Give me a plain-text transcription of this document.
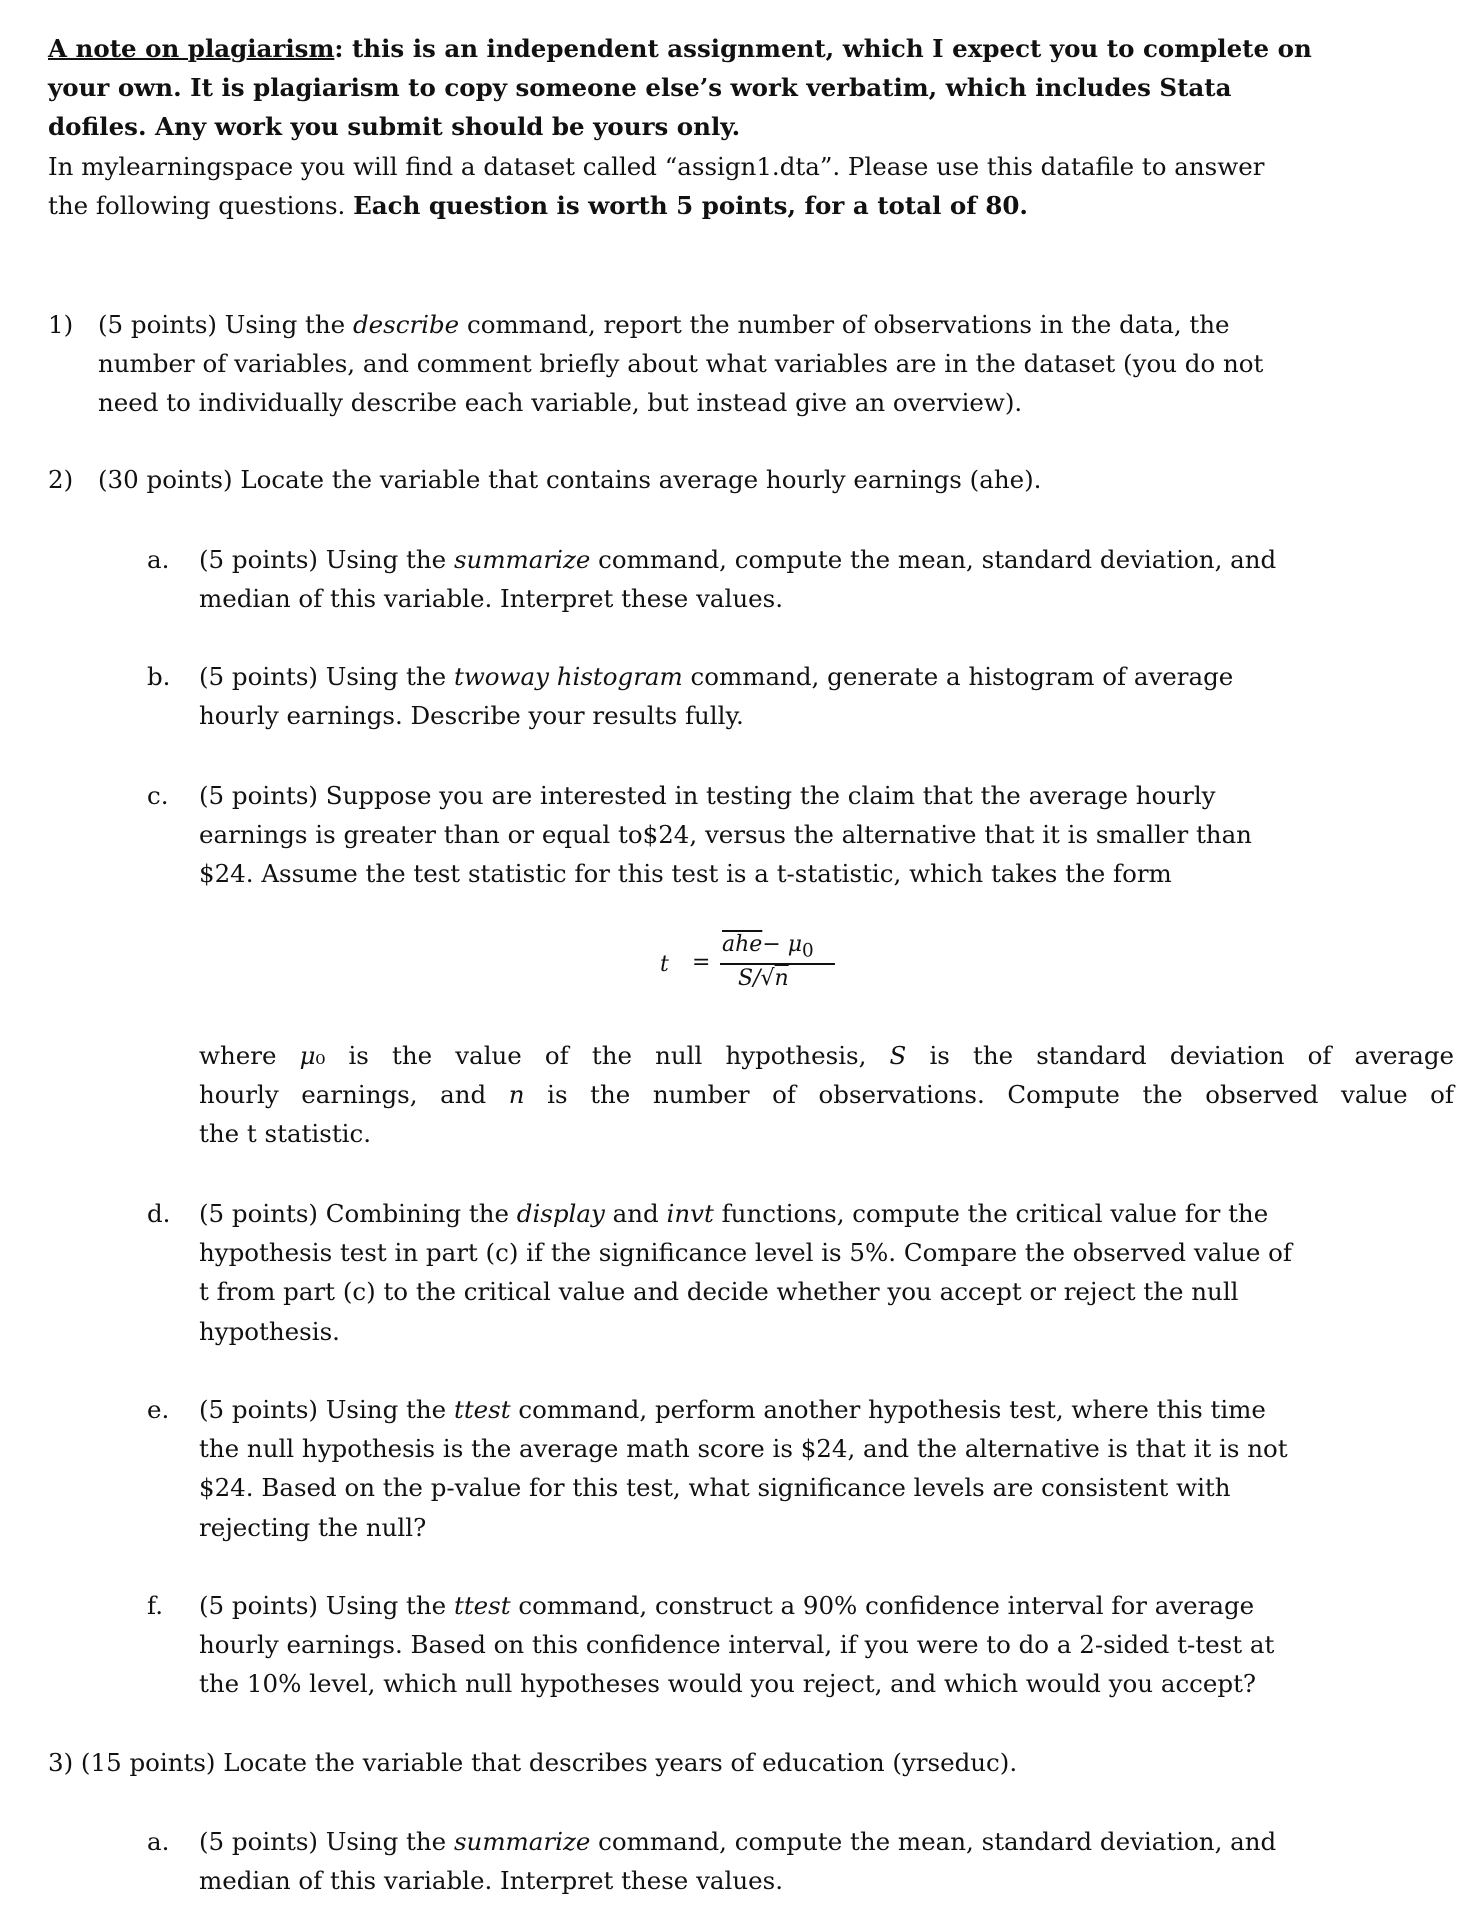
A note on plagiarism: this is an independent assignment, which I expect you to complete on
your own. It is plagiarism to copy someone else’s work verbatim, which includes Stata
dofiles. Any work you submit should be yours only.
In mylearningspace you will find a dataset called “assign1.dta”. Please use this datafile to answer
the following questions. Each question is worth 5 points, for a total of 80.
1) (5 points) Using the describe command, report the number of observations in the data, the
number of variables, and comment briefly about what variables are in the dataset (you do not
need to individually describe each variable, but instead give an overview).
2) (30 points) Locate the variable that contains average hourly earnings (ahe).
a. (5 points) Using the summarize command, compute the mean, standard deviation, and
median of this variable. Interpret these values.
b. (5 points) Using the twoway histogram command, generate a histogram of average
hourly earnings. Describe your results fully.
c. (5 points) Suppose you are interested in testing the claim that the average hourly
earnings is greater than or equal to$24, versus the alternative that it is smaller than
$24. Assume the test statistic for this test is a t-statistic, which takes the form
where μ₀ is the value of the null hypothesis, S is the standard deviation of average
hourly earnings, and n is the number of observations. Compute the observed value of
the t statistic.
d. (5 points) Combining the display and invt functions, compute the critical value for the
hypothesis test in part (c) if the significance level is 5%. Compare the observed value of
t from part (c) to the critical value and decide whether you accept or reject the null
hypothesis.
e. (5 points) Using the ttest command, perform another hypothesis test, where this time
the null hypothesis is the average math score is $24, and the alternative is that it is not
$24. Based on the p-value for this test, what significance levels are consistent with
rejecting the null?
f. (5 points) Using the ttest command, construct a 90% confidence interval for average
hourly earnings. Based on this confidence interval, if you were to do a 2-sided t-test at
the 10% level, which null hypotheses would you reject, and which would you accept?
3) (15 points) Locate the variable that describes years of education (yrseduc).
a. (5 points) Using the summarize command, compute the mean, standard deviation, and
median of this variable. Interpret these values.
t =
$\overline{ahe}- \mu_0$
S/√n
